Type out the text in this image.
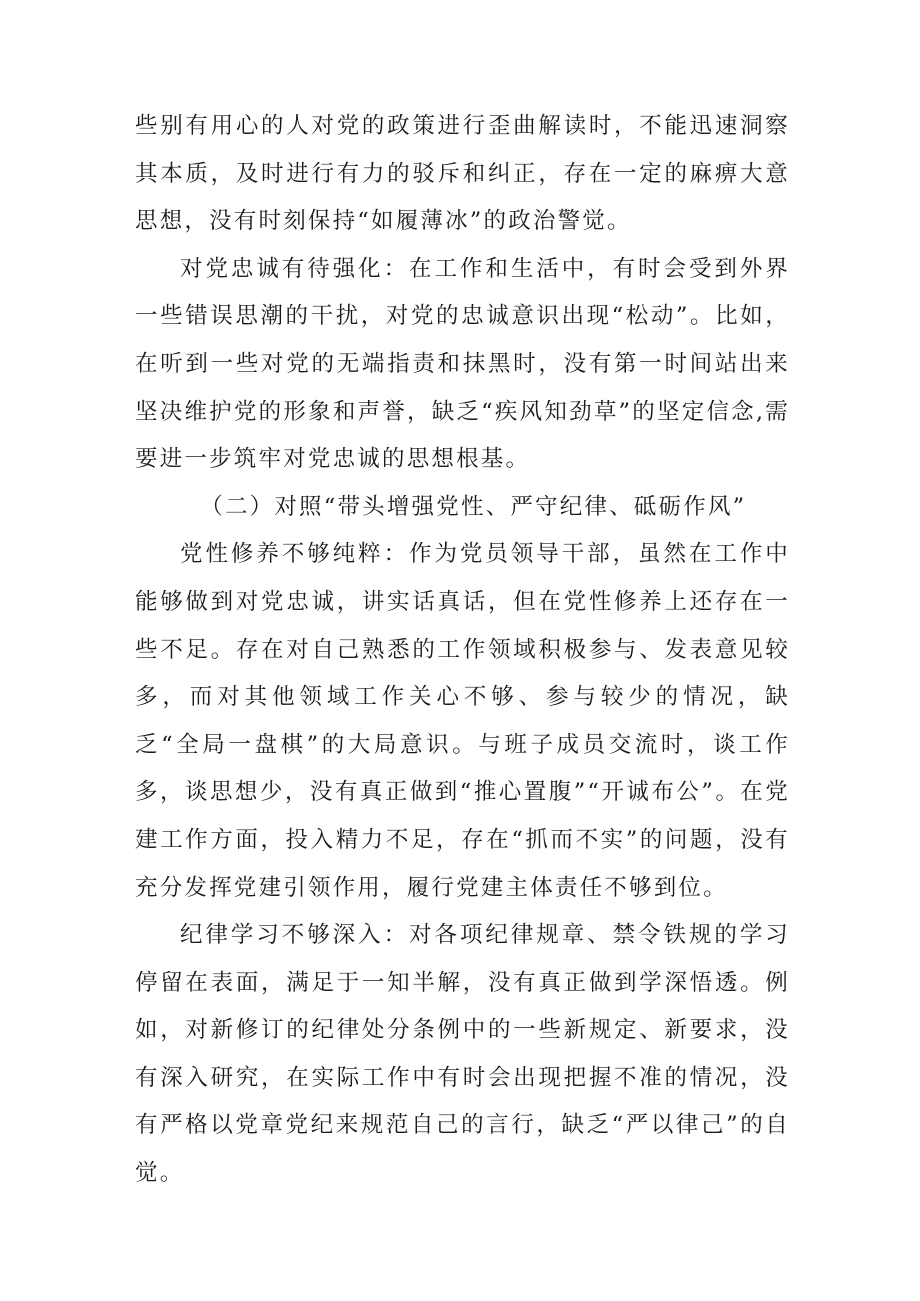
些别有用心的人对党的政策进行歪曲解读时，不能迅速洞察其本质，及时进行有力的驳斥和纠正，存在一定的麻痹大意思想，没有时刻保持“如履薄冰”的政治警觉。

对党忠诚有待强化：在工作和生活中，有时会受到外界一些错误思潮的干扰，对党的忠诚意识出现“松动”。比如，在听到一些对党的无端指责和抹黑时，没有第一时间站出来坚决维护党的形象和声誉，缺乏“疾风知劲草”的坚定信念,需要进一步筑牢对党忠诚的思想根基。

（二）对照“带头增强党性、严守纪律、砥砺作风”

党性修养不够纯粹：作为党员领导干部，虽然在工作中能够做到对党忠诚，讲实话真话，但在党性修养上还存在一些不足。存在对自己熟悉的工作领域积极参与、发表意见较多，而对其他领域工作关心不够、参与较少的情况，缺乏“全局一盘棋”的大局意识。与班子成员交流时，谈工作多，谈思想少，没有真正做到“推心置腹”“开诚布公”。在党建工作方面，投入精力不足，存在“抓而不实”的问题，没有充分发挥党建引领作用，履行党建主体责任不够到位。

纪律学习不够深入：对各项纪律规章、禁令铁规的学习停留在表面，满足于一知半解，没有真正做到学深悟透。例如，对新修订的纪律处分条例中的一些新规定、新要求，没有深入研究，在实际工作中有时会出现把握不准的情况，没有严格以党章党纪来规范自己的言行，缺乏“严以律己”的自觉。
